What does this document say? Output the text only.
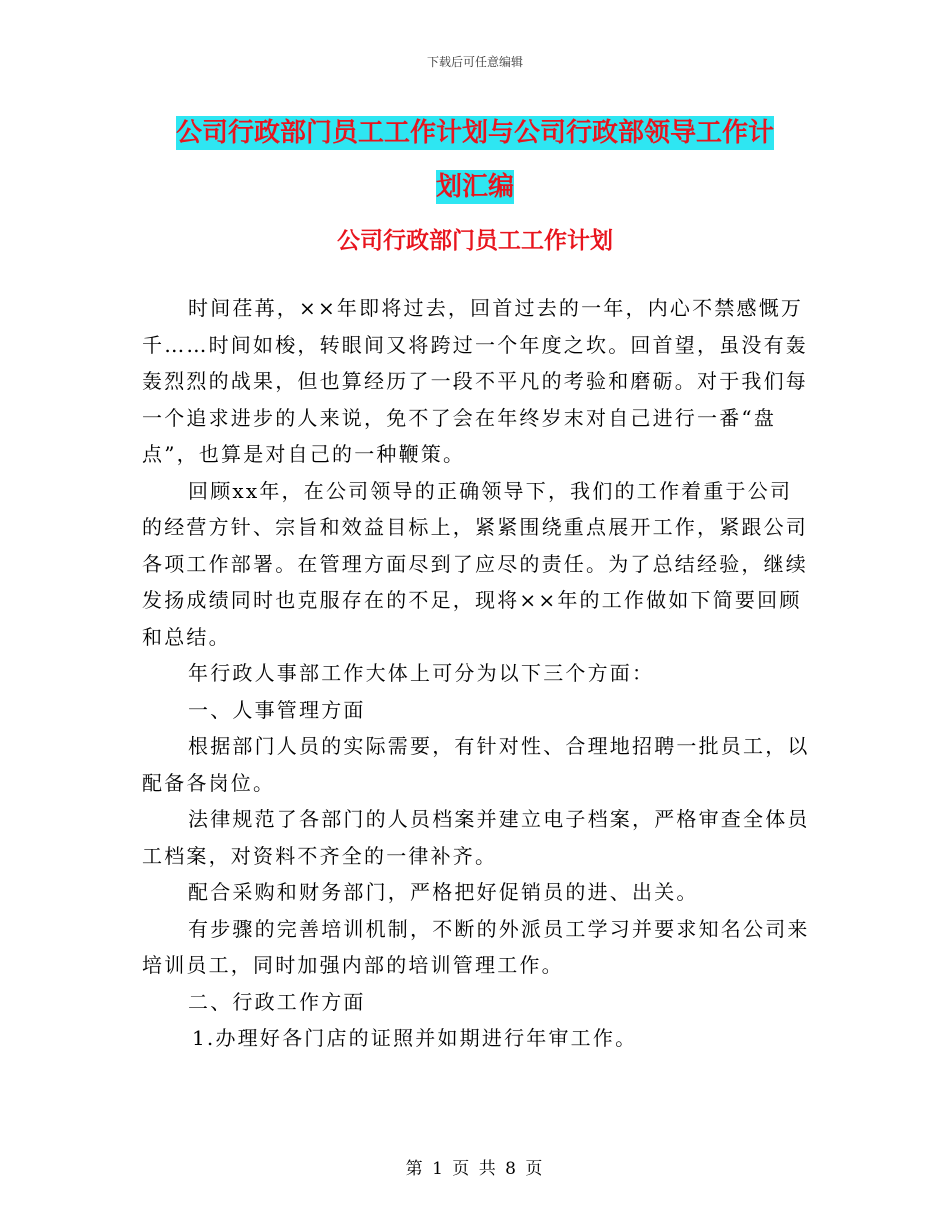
下载后可任意编辑
公司行政部门员工工作计划与公司行政部领导工作计
划汇编
公司行政部门员工工作计划

时间荏苒，××年即将过去，回首过去的一年，内心不禁感慨万千……时间如梭，转眼间又将跨过一个年度之坎。回首望，虽没有轰轰烈烈的战果，但也算经历了一段不平凡的考验和磨砺。对于我们每一个追求进步的人来说，免不了会在年终岁末对自己进行一番“盘点”，也算是对自己的一种鞭策。

回顾xx年，在公司领导的正确领导下，我们的工作着重于公司的经营方针、宗旨和效益目标上，紧紧围绕重点展开工作，紧跟公司各项工作部署。在管理方面尽到了应尽的责任。为了总结经验，继续发扬成绩同时也克服存在的不足，现将××年的工作做如下简要回顾和总结。

年行政人事部工作大体上可分为以下三个方面：

一、人事管理方面

根据部门人员的实际需要，有针对性、合理地招聘一批员工，以配备各岗位。

法律规范了各部门的人员档案并建立电子档案，严格审查全体员工档案，对资料不齐全的一律补齐。

配合采购和财务部门，严格把好促销员的进、出关。

有步骤的完善培训机制，不断的外派员工学习并要求知名公司来培训员工，同时加强内部的培训管理工作。

二、行政工作方面

1.办理好各门店的证照并如期进行年审工作。

第 1 页 共 8 页
